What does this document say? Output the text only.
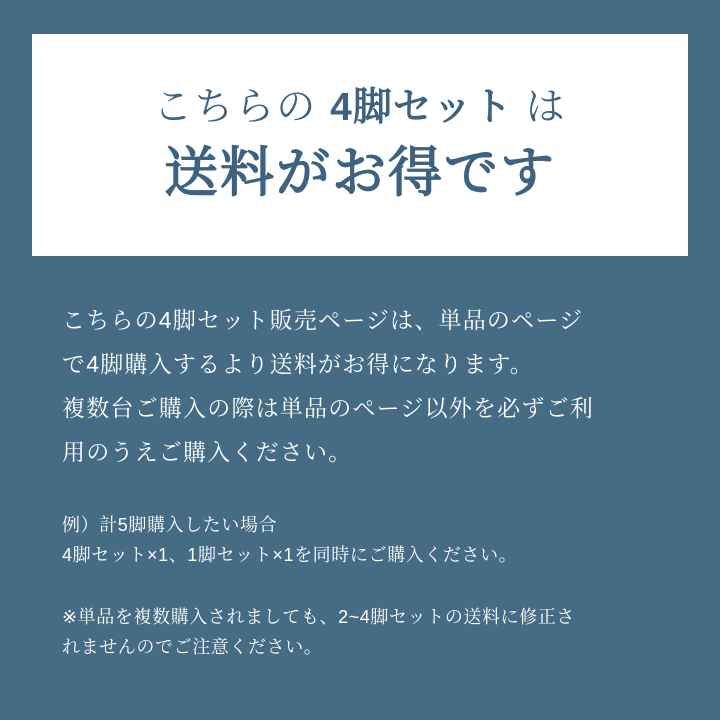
こちらの 4脚セット は
送料がお得です

こちらの4脚セット販売ページは、単品のページ
で4脚購入するより送料がお得になります。
複数台ご購入の際は単品のページ以外を必ずご利
用のうえご購入ください。

例）計5脚購入したい場合
4脚セット×1、1脚セット×1を同時にご購入ください。

※単品を複数購入されましても、2~4脚セットの送料に修正さ
れませんのでご注意ください。
